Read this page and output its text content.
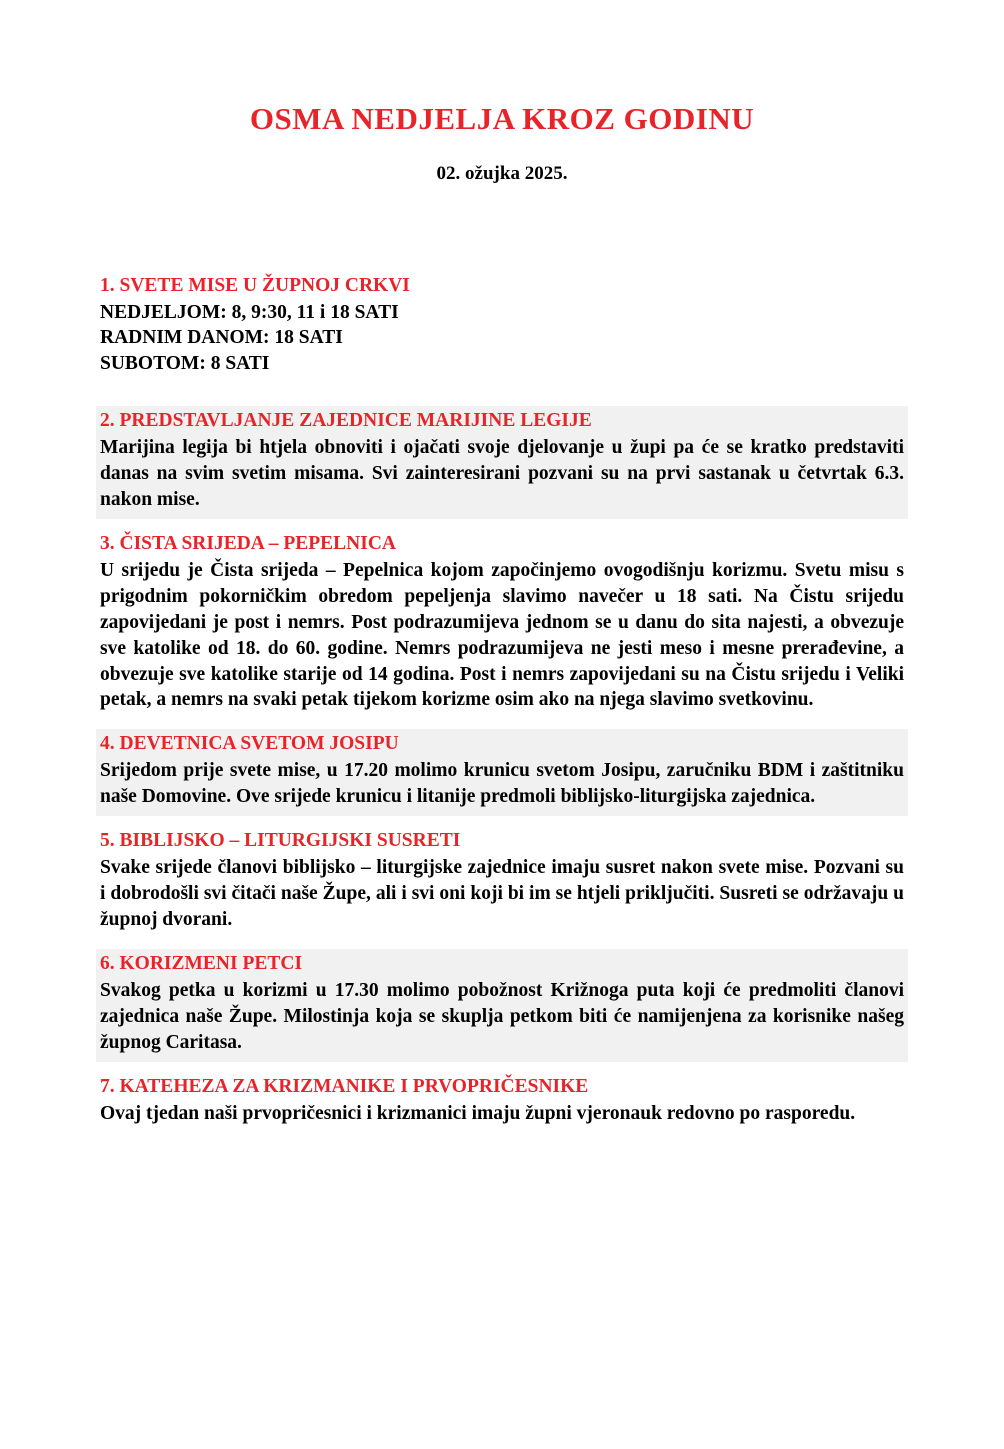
OSMA NEDJELJA KROZ GODINU
02. ožujka 2025.
1. SVETE MISE U ŽUPNOJ CRKVI
NEDJELJOM: 8, 9:30, 11 i 18 SATI
RADNIM DANOM: 18 SATI
SUBOTOM: 8 SATI
2. PREDSTAVLJANJE ZAJEDNICE MARIJINE LEGIJE

Marijina legija bi htjela obnoviti i ojačati svoje djelovanje u župi pa će se kratko predstaviti danas na svim svetim misama. Svi zainteresirani pozvani su na prvi sastanak u četvrtak 6.3. nakon mise.

3. ČISTA SRIJEDA – PEPELNICA

U srijedu je Čista srijeda – Pepelnica kojom započinjemo ovogodišnju korizmu. Svetu misu s prigodnim pokorničkim obredom pepeljenja slavimo navečer u 18 sati. Na Čistu srijedu zapovijedani je post i nemrs. Post podrazumijeva jednom se u danu do sita najesti, a obvezuje sve katolike od 18. do 60. godine. Nemrs podrazumijeva ne jesti meso i mesne prerađevine, a obvezuje sve katolike starije od 14 godina. Post i nemrs zapovijedani su na Čistu srijedu i Veliki petak, a nemrs na svaki petak tijekom korizme osim ako na njega slavimo svetkovinu.

4. DEVETNICA SVETOM JOSIPU

Srijedom prije svete mise, u 17.20 molimo krunicu svetom Josipu, zaručniku BDM i zaštitniku naše Domovine. Ove srijede krunicu i litanije predmoli biblijsko-liturgijska zajednica.

5. BIBLIJSKO – LITURGIJSKI SUSRETI

Svake srijede članovi biblijsko – liturgijske zajednice imaju susret nakon svete mise. Pozvani su i dobrodošli svi čitači naše Župe, ali i svi oni koji bi im se htjeli priključiti. Susreti se održavaju u župnoj dvorani.

6. KORIZMENI PETCI

Svakog petka u korizmi u 17.30 molimo pobožnost Križnoga puta koji će predmoliti članovi zajednica naše Župe. Milostinja koja se skuplja petkom biti će namijenjena za korisnike našeg župnog Caritasa.

7. KATEHEZA ZA KRIZMANIKE I PRVOPRIČESNIKE

Ovaj tjedan naši prvopričesnici i krizmanici imaju župni vjeronauk redovno po rasporedu.
